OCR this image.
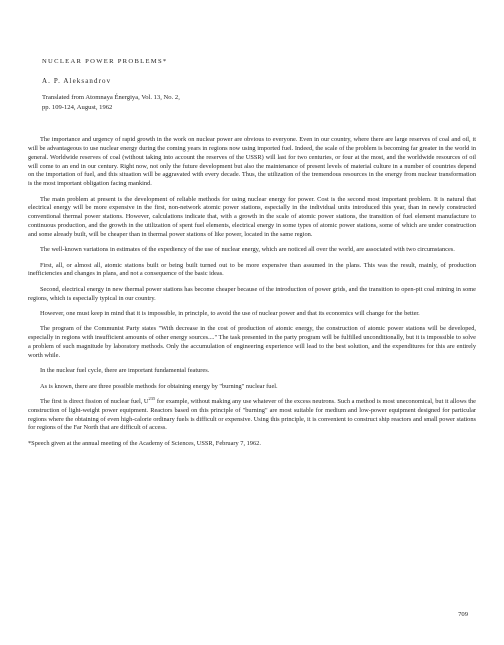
NUCLEAR POWER PROBLEMS*
A. P. Aleksandrov
Translated from Atomnaya Énergiya, Vol. 13, No. 2,
pp. 109-124, August, 1962

The importance and urgency of rapid growth in the work on nuclear power are obvious to everyone. Even in our country, where there are large reserves of coal and oil, it will be advantageous to use nuclear energy during the coming years in regions now using imported fuel. Indeed, the scale of the problem is becoming far greater in the world in general. Worldwide reserves of coal (without taking into account the reserves of the USSR) will last for two centuries, or four at the most, and the worldwide resources of oil will come to an end in our century. Right now, not only the future development but also the maintenance of present levels of material culture in a number of countries depend on the importation of fuel, and this situation will be aggravated with every decade. Thus, the utilization of the tremendous resources in the energy from nuclear transformation is the most important obligation facing mankind.

The main problem at present is the development of reliable methods for using nuclear energy for power. Cost is the second most important problem. It is natural that electrical energy will be more expensive in the first, non-network atomic power stations, especially in the individual units introduced this year, than in newly constructed conventional thermal power stations. However, calculations indicate that, with a growth in the scale of atomic power stations, the transition of fuel element manufacture to continuous production, and the growth in the utilization of spent fuel elements, electrical energy in some types of atomic power stations, some of which are under construction and some already built, will be cheaper than in thermal power stations of like power, located in the same region.

The well-known variations in estimates of the expediency of the use of nuclear energy, which are noticed all over the world, are associated with two circumstances.

First, all, or almost all, atomic stations built or being built turned out to be more expensive than assumed in the plans. This was the result, mainly, of production inefficiencies and changes in plans, and not a consequence of the basic ideas.

Second, electrical energy in new thermal power stations has become cheaper because of the introduction of power grids, and the transition to open-pit coal mining in some regions, which is especially typical in our country.

However, one must keep in mind that it is impossible, in principle, to avoid the use of nuclear power and that its economics will change for the better.

The program of the Communist Party states "With decrease in the cost of production of atomic energy, the construction of atomic power stations will be developed, especially in regions with insufficient amounts of other energy sources...." The task presented in the party program will be fulfilled unconditionally, but it is impossible to solve a problem of such magnitude by laboratory methods. Only the accumulation of engineering experience will lead to the best solution, and the expenditures for this are entirely worth while.

In the nuclear fuel cycle, there are important fundamental features.

As is known, there are three possible methods for obtaining energy by "burning" nuclear fuel.

The first is direct fission of nuclear fuel, $U^{235}$ for example, without making any use whatever of the excess neutrons. Such a method is most uneconomical, but it allows the construction of light-weight power equipment. Reactors based on this principle of "burning" are most suitable for medium and low-power equipment designed for particular regions where the obtaining of even high-calorie ordinary fuels is difficult or expensive. Using this principle, it is convenient to construct ship reactors and small power stations for regions of the Far North that are difficult of access.

*Speech given at the annual meeting of the Academy of Sciences, USSR, February 7, 1962.
709
